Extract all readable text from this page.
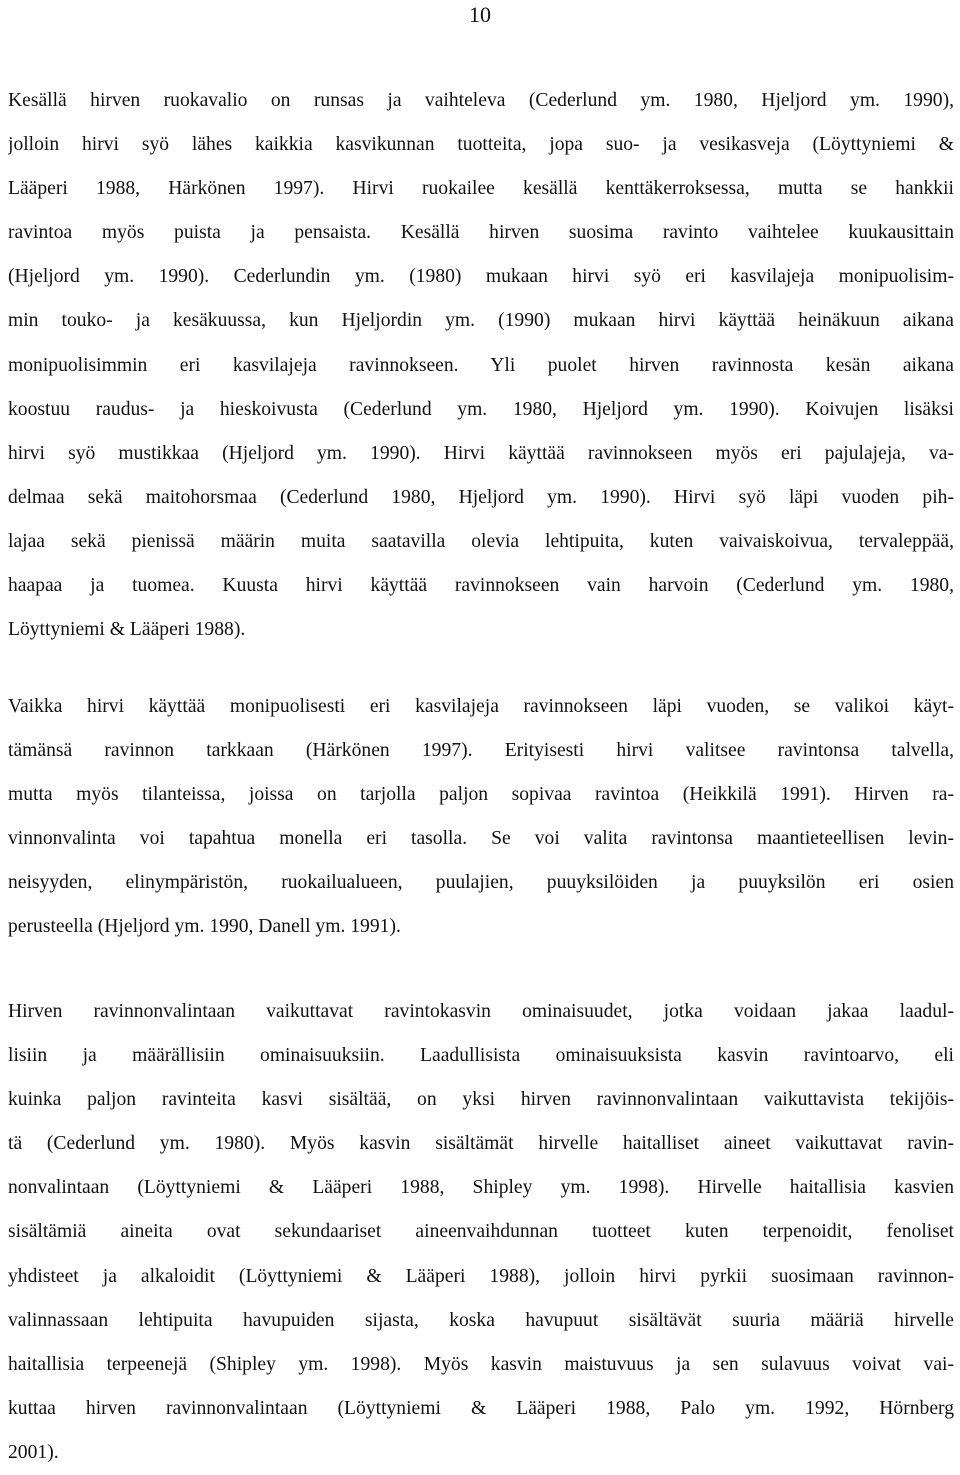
10
Kesällä hirven ruokavalio on runsas ja vaihteleva (Cederlund ym. 1980, Hjeljord ym. 1990),
jolloin hirvi syö lähes kaikkia kasvikunnan tuotteita, jopa suo- ja vesikasveja (Löyttyniemi &
Lääperi 1988, Härkönen 1997). Hirvi ruokailee kesällä kenttäkerroksessa, mutta se hankkii
ravintoa myös puista ja pensaista. Kesällä hirven suosima ravinto vaihtelee kuukausittain
(Hjeljord ym. 1990). Cederlundin ym. (1980) mukaan hirvi syö eri kasvilajeja monipuolisim-
min touko- ja kesäkuussa, kun Hjeljordin ym. (1990) mukaan hirvi käyttää heinäkuun aikana
monipuolisimmin eri kasvilajeja ravinnokseen. Yli puolet hirven ravinnosta kesän aikana
koostuu raudus- ja hieskoivusta (Cederlund ym. 1980, Hjeljord ym. 1990). Koivujen lisäksi
hirvi syö mustikkaa (Hjeljord ym. 1990). Hirvi käyttää ravinnokseen myös eri pajulajeja, va-
delmaa sekä maitohorsmaa (Cederlund 1980, Hjeljord ym. 1990). Hirvi syö läpi vuoden pih-
lajaa sekä pienissä määrin muita saatavilla olevia lehtipuita, kuten vaivaiskoivua, tervaleppää,
haapaa ja tuomea. Kuusta hirvi käyttää ravinnokseen vain harvoin (Cederlund ym. 1980,
Löyttyniemi & Lääperi 1988).
Vaikka hirvi käyttää monipuolisesti eri kasvilajeja ravinnokseen läpi vuoden, se valikoi käyt-
tämänsä ravinnon tarkkaan (Härkönen 1997). Erityisesti hirvi valitsee ravintonsa talvella,
mutta myös tilanteissa, joissa on tarjolla paljon sopivaa ravintoa (Heikkilä 1991). Hirven ra-
vinnonvalinta voi tapahtua monella eri tasolla. Se voi valita ravintonsa maantieteellisen levin-
neisyyden, elinympäristön, ruokailualueen, puulajien, puuyksilöiden ja puuyksilön eri osien
perusteella (Hjeljord ym. 1990, Danell ym. 1991).
Hirven ravinnonvalintaan vaikuttavat ravintokasvin ominaisuudet, jotka voidaan jakaa laadul-
lisiin ja määrällisiin ominaisuuksiin. Laadullisista ominaisuuksista kasvin ravintoarvo, eli
kuinka paljon ravinteita kasvi sisältää, on yksi hirven ravinnonvalintaan vaikuttavista tekijöis-
tä (Cederlund ym. 1980). Myös kasvin sisältämät hirvelle haitalliset aineet vaikuttavat ravin-
nonvalintaan (Löyttyniemi & Lääperi 1988, Shipley ym. 1998). Hirvelle haitallisia kasvien
sisältämiä aineita ovat sekundaariset aineenvaihdunnan tuotteet kuten terpenoidit, fenoliset
yhdisteet ja alkaloidit (Löyttyniemi & Lääperi 1988), jolloin hirvi pyrkii suosimaan ravinnon-
valinnassaan lehtipuita havupuiden sijasta, koska havupuut sisältävät suuria määriä hirvelle
haitallisia terpeenejä (Shipley ym. 1998). Myös kasvin maistuvuus ja sen sulavuus voivat vai-
kuttaa hirven ravinnonvalintaan (Löyttyniemi & Lääperi 1988, Palo ym. 1992, Hörnberg
2001).
